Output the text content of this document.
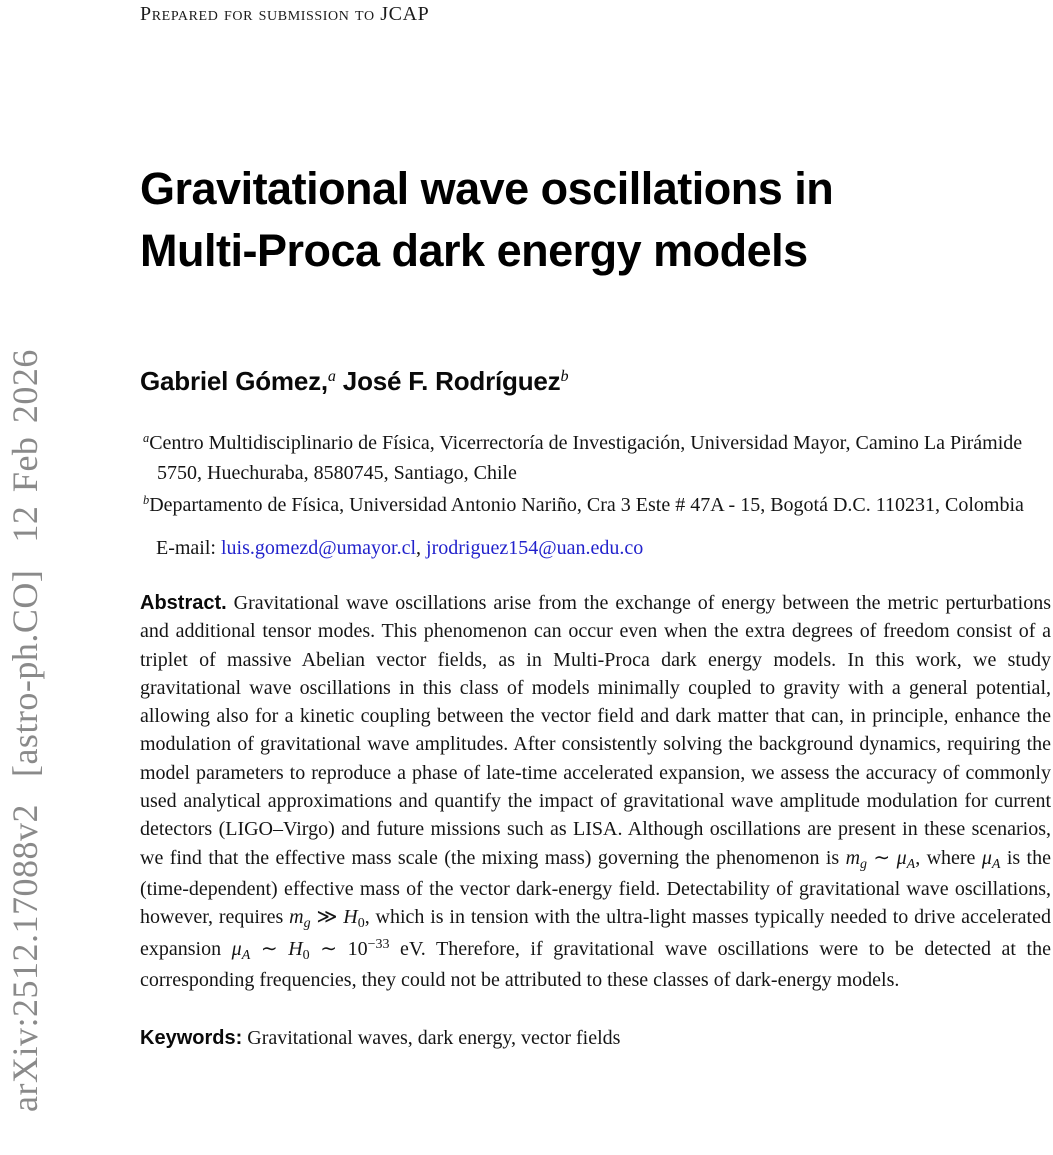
arXiv:2512.17088v2  [astro-ph.CO]  12 Feb 2026
Prepared for submission to JCAP
Gravitational wave oscillations in
Multi-Proca dark energy models
Gabriel Gómez,$^a$ José F. Rodríguez$^b$

$^a$Centro Multidisciplinario de Física, Vicerrectoría de Investigación, Universidad Mayor, Camino La Pirámide 5750, Huechuraba, 8580745, Santiago, Chile

$^b$Departamento de Física, Universidad Antonio Nariño, Cra 3 Este # 47A - 15, Bogotá D.C. 110231, Colombia

E-mail: luis.gomezd@umayor.cl, jrodriguez154@uan.edu.co

Abstract. Gravitational wave oscillations arise from the exchange of energy between the metric perturbations and additional tensor modes. This phenomenon can occur even when the extra degrees of freedom consist of a triplet of massive Abelian vector fields, as in Multi-Proca dark energy models. In this work, we study gravitational wave oscillations in this class of models minimally coupled to gravity with a general potential, allowing also for a kinetic coupling between the vector field and dark matter that can, in principle, enhance the modulation of gravitational wave amplitudes. After consistently solving the background dynamics, requiring the model parameters to reproduce a phase of late-time accelerated expansion, we assess the accuracy of commonly used analytical approximations and quantify the impact of gravitational wave amplitude modulation for current detectors (LIGO–Virgo) and future missions such as LISA. Although oscillations are present in these scenarios, we find that the effective mass scale (the mixing mass) governing the phenomenon is $m_g$ ∼ $\mu_A$, where $\mu_A$ is the (time-dependent) effective mass of the vector dark-energy field. Detectability of gravitational wave oscillations, however, requires $m_g$ ≫ $H_0$, which is in tension with the ultra-light masses typically needed to drive accelerated expansion $\mu_A$ ∼ $H_0$ ∼ $10^{-33}$ eV. Therefore, if gravitational wave oscillations were to be detected at the corresponding frequencies, they could not be attributed to these classes of dark-energy models.

Keywords: Gravitational waves, dark energy, vector fields
